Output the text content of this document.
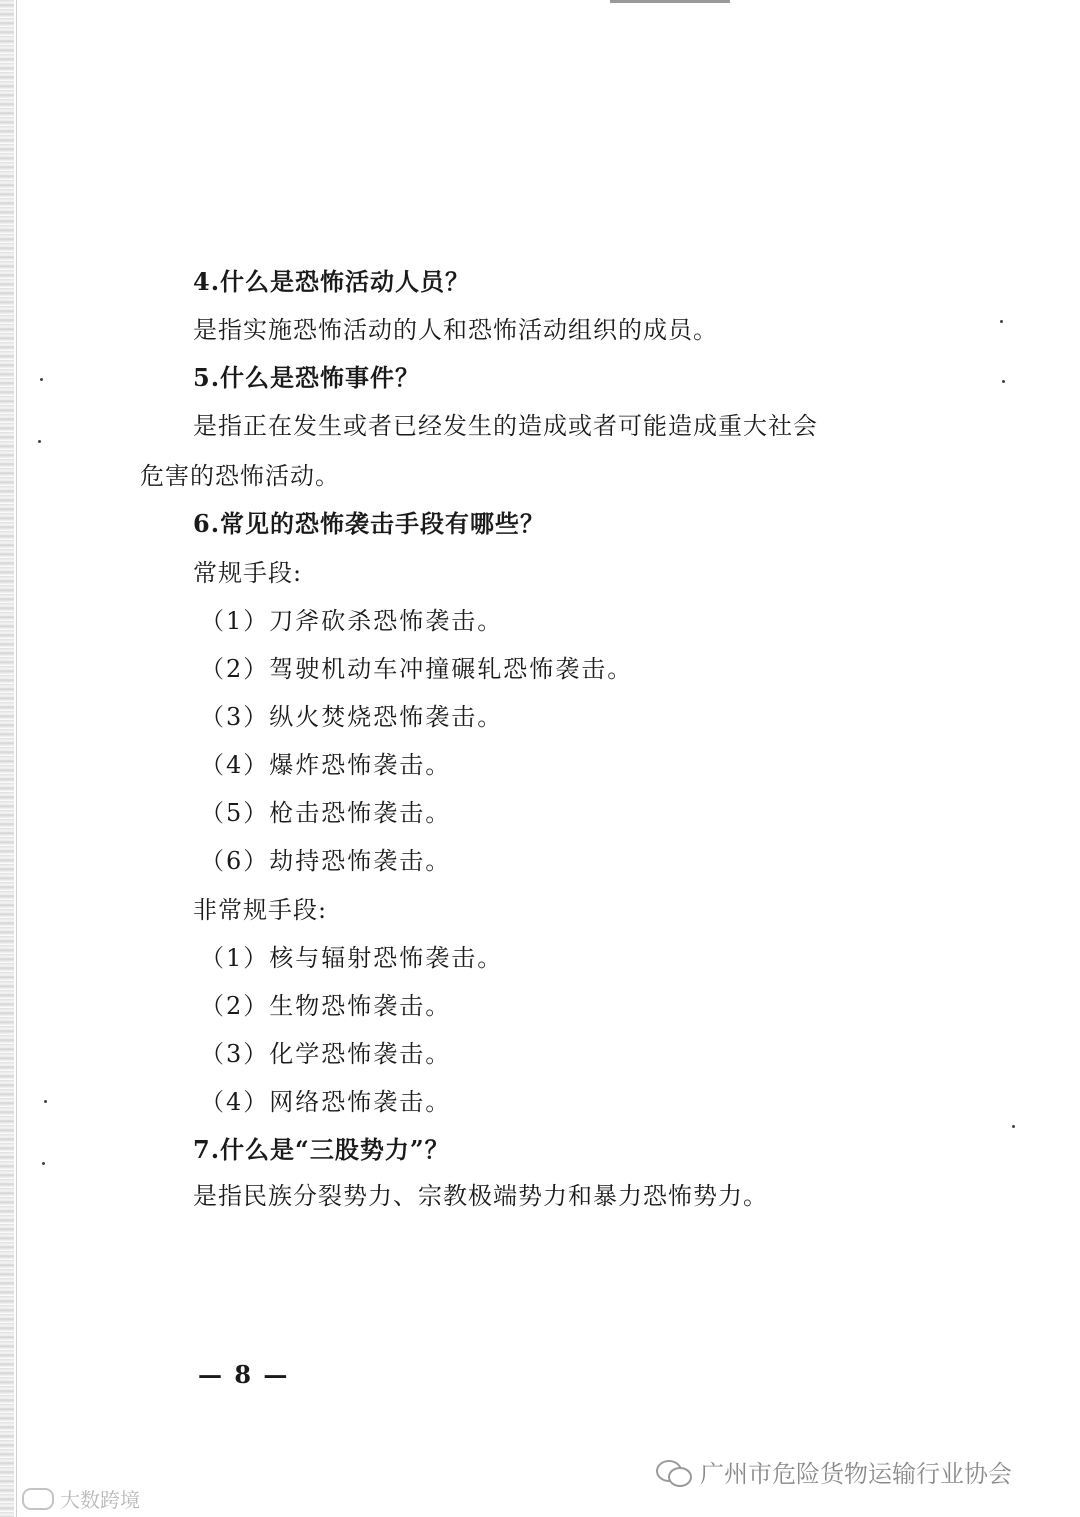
4.什么是恐怖活动人员？
是指实施恐怖活动的人和恐怖活动组织的成员。
5.什么是恐怖事件？
是指正在发生或者已经发生的造成或者可能造成重大社会
危害的恐怖活动。
6.常见的恐怖袭击手段有哪些？
常规手段:
（1）刀斧砍杀恐怖袭击。
（2）驾驶机动车冲撞碾轧恐怖袭击。
（3）纵火焚烧恐怖袭击。
（4）爆炸恐怖袭击。
（5）枪击恐怖袭击。
（6）劫持恐怖袭击。
非常规手段:
（1）核与辐射恐怖袭击。
（2）生物恐怖袭击。
（3）化学恐怖袭击。
（4）网络恐怖袭击。
7.什么是“三股势力”？
是指民族分裂势力、宗教极端势力和暴力恐怖势力。
— 8 —
广州市危险货物运输行业协会
大数跨境
